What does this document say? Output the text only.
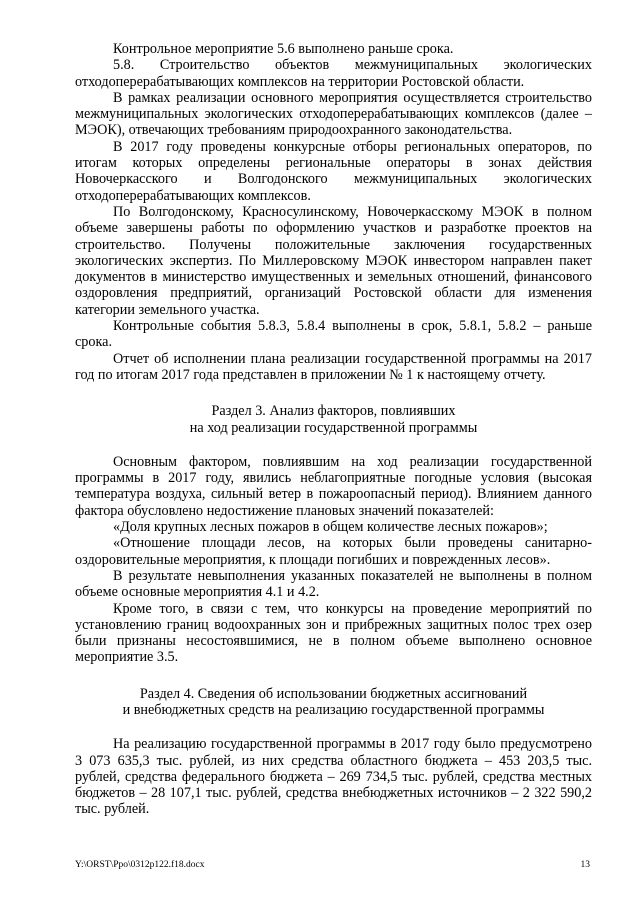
Контрольное мероприятие 5.6 выполнено раньше срока.

5.8. Строительство объектов межмуниципальных экологических отходоперерабатывающих комплексов на территории Ростовской области.

В рамках реализации основного мероприятия осуществляется строительство межмуниципальных экологических отходоперерабатывающих комплексов (далее – МЭОК), отвечающих требованиям природоохранного законодательства.

В 2017 году проведены конкурсные отборы региональных операторов, по итогам которых определены региональные операторы в зонах действия Новочеркасского и Волгодонского межмуниципальных экологических отходоперерабатывающих комплексов.

По Волгодонскому, Красносулинскому, Новочеркасскому МЭОК в полном объеме завершены работы по оформлению участков и разработке проектов на строительство. Получены положительные заключения государственных экологических экспертиз. По Миллеровскому МЭОК инвестором направлен пакет документов в министерство имущественных и земельных отношений, финансового оздоровления предприятий, организаций Ростовской области для изменения категории земельного участка.

Контрольные события 5.8.3, 5.8.4 выполнены в срок, 5.8.1, 5.8.2 – раньше срока.

Отчет об исполнении плана реализации государственной программы на 2017 год по итогам 2017 года представлен в приложении № 1 к настоящему отчету.

Раздел 3. Анализ факторов, повлиявших

на ход реализации государственной программы

Основным фактором, повлиявшим на ход реализации государственной программы в 2017 году, явились неблагоприятные погодные условия (высокая температура воздуха, сильный ветер в пожароопасный период). Влиянием данного фактора обусловлено недостижение плановых значений показателей:

«Доля крупных лесных пожаров в общем количестве лесных пожаров»;

«Отношение площади лесов, на которых были проведены санитарно-оздоровительные мероприятия, к площади погибших и поврежденных лесов».

В результате невыполнения указанных показателей не выполнены в полном объеме основные мероприятия 4.1 и 4.2.

Кроме того, в связи с тем, что конкурсы на проведение мероприятий по установлению границ водоохранных зон и прибрежных защитных полос трех озер были признаны несостоявшимися, не в полном объеме выполнено основное мероприятие 3.5.

Раздел 4. Сведения об использовании бюджетных ассигнований

и внебюджетных средств на реализацию государственной программы

На реализацию государственной программы в 2017 году было предусмотрено 3 073 635,3 тыс. рублей, из них средства областного бюджета – 453 203,5 тыс. рублей, средства федерального бюджета – 269 734,5 тыс. рублей, средства местных бюджетов – 28 107,1 тыс. рублей, средства внебюджетных источников – 2 322 590,2 тыс. рублей.

Y:\ORST\Ppo\0312p122.f18.docx	13
